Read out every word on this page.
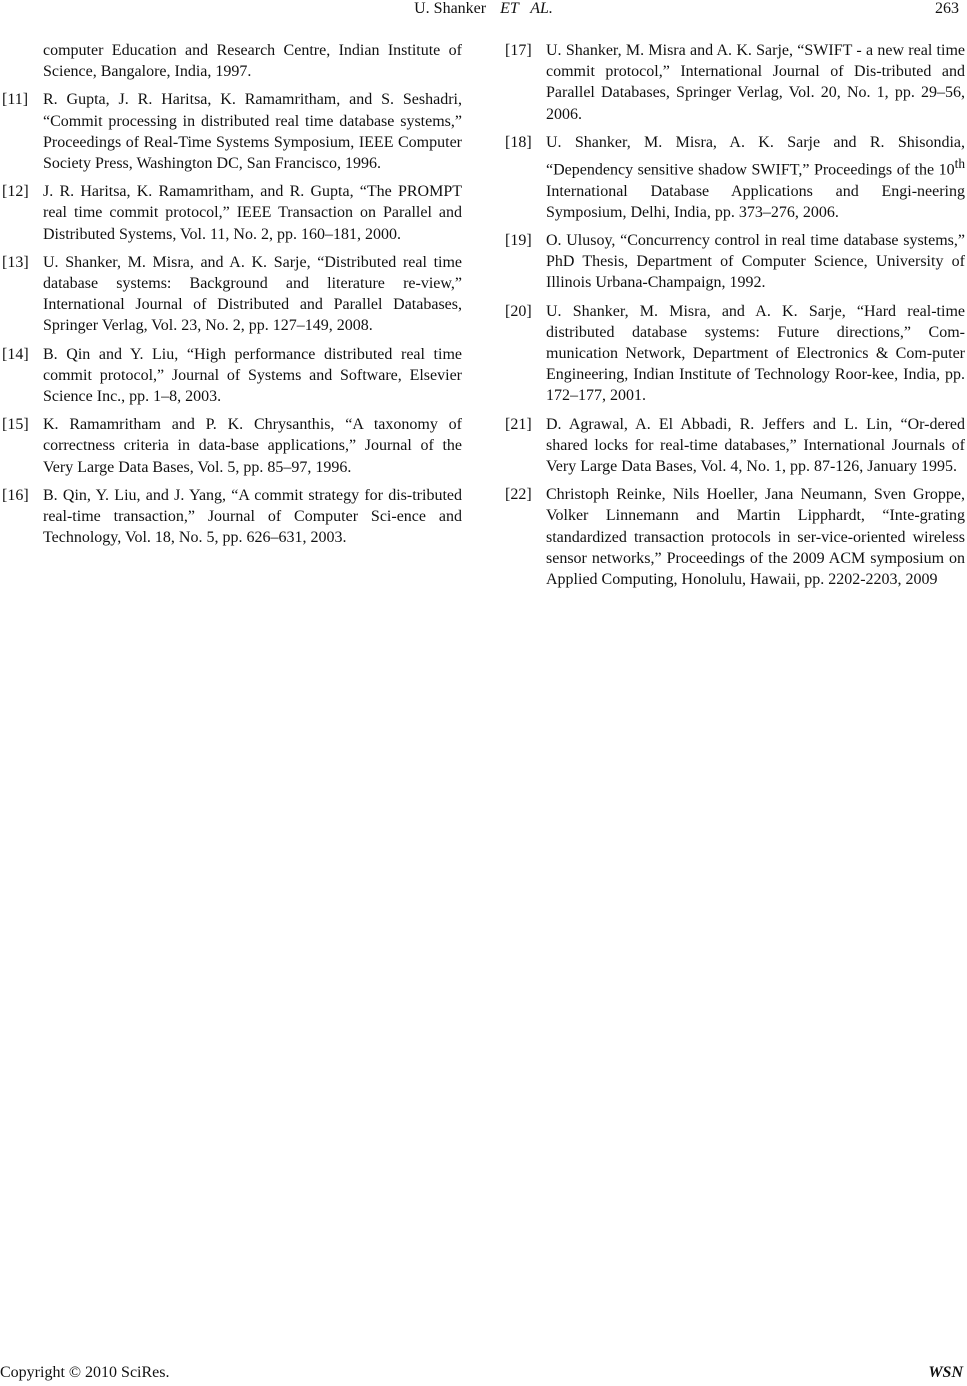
U. Shanker ET AL.	263
computer Education and Research Centre, Indian Institute of Science, Bangalore, India, 1997.
[11] R. Gupta, J. R. Haritsa, K. Ramamritham, and S. Seshadri, “Commit processing in distributed real time database systems,” Proceedings of Real-Time Systems Symposium, IEEE Computer Society Press, Washington DC, San Francisco, 1996.
[12] J. R. Haritsa, K. Ramamritham, and R. Gupta, “The PROMPT real time commit protocol,” IEEE Transaction on Parallel and Distributed Systems, Vol. 11, No. 2, pp. 160–181, 2000.
[13] U. Shanker, M. Misra, and A. K. Sarje, “Distributed real time database systems: Background and literature re-view,” International Journal of Distributed and Parallel Databases, Springer Verlag, Vol. 23, No. 2, pp. 127–149, 2008.
[14] B. Qin and Y. Liu, “High performance distributed real time commit protocol,” Journal of Systems and Software, Elsevier Science Inc., pp. 1–8, 2003.
[15] K. Ramamritham and P. K. Chrysanthis, “A taxonomy of correctness criteria in data-base applications,” Journal of the Very Large Data Bases, Vol. 5, pp. 85–97, 1996.
[16] B. Qin, Y. Liu, and J. Yang, “A commit strategy for dis-tributed real-time transaction,” Journal of Computer Sci-ence and Technology, Vol. 18, No. 5, pp. 626–631, 2003.
[17] U. Shanker, M. Misra and A. K. Sarje, “SWIFT - a new real time commit protocol,” International Journal of Dis-tributed and Parallel Databases, Springer Verlag, Vol. 20, No. 1, pp. 29–56, 2006.
[18] U. Shanker, M. Misra, A. K. Sarje and R. Shisondia, “Dependency sensitive shadow SWIFT,” Proceedings of the 10th International Database Applications and Engi-neering Symposium, Delhi, India, pp. 373–276, 2006.
[19] O. Ulusoy, “Concurrency control in real time database systems,” PhD Thesis, Department of Computer Science, University of Illinois Urbana-Champaign, 1992.
[20] U. Shanker, M. Misra, and A. K. Sarje, “Hard real-time distributed database systems: Future directions,” Com-munication Network, Department of Electronics & Com-puter Engineering, Indian Institute of Technology Roor-kee, India, pp. 172–177, 2001.
[21] D. Agrawal, A. El Abbadi, R. Jeffers and L. Lin, “Or-dered shared locks for real-time databases,” International Journals of Very Large Data Bases, Vol. 4, No. 1, pp. 87-126, January 1995.
[22] Christoph Reinke, Nils Hoeller, Jana Neumann, Sven Groppe, Volker Linnemann and Martin Lipphardt, “Inte-grating standardized transaction protocols in ser-vice-oriented wireless sensor networks,” Proceedings of the 2009 ACM symposium on Applied Computing, Honolulu, Hawaii, pp. 2202-2203, 2009
Copyright © 2010 SciRes.	WSN
